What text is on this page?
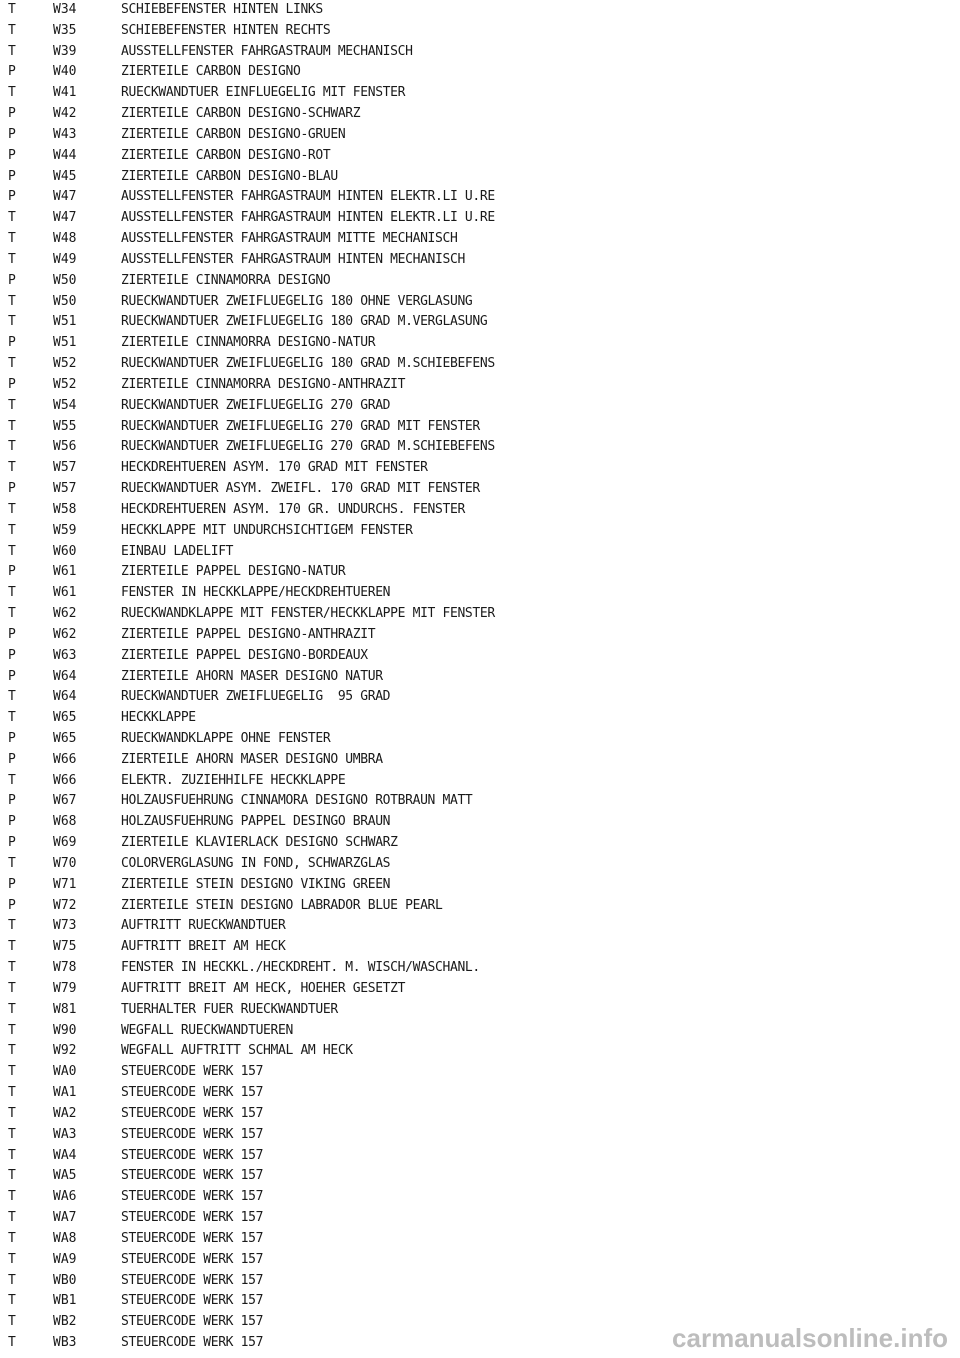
T	W34	SCHIEBEFENSTER HINTEN LINKS
T	W35	SCHIEBEFENSTER HINTEN RECHTS
T	W39	AUSSTELLFENSTER FAHRGASTRAUM MECHANISCH
P	W40	ZIERTEILE CARBON DESIGNO
T	W41	RUECKWANDTUER EINFLUEGELIG MIT FENSTER
P	W42	ZIERTEILE CARBON DESIGNO-SCHWARZ
P	W43	ZIERTEILE CARBON DESIGNO-GRUEN
P	W44	ZIERTEILE CARBON DESIGNO-ROT
P	W45	ZIERTEILE CARBON DESIGNO-BLAU
P	W47	AUSSTELLFENSTER FAHRGASTRAUM HINTEN ELEKTR.LI U.RE
T	W47	AUSSTELLFENSTER FAHRGASTRAUM HINTEN ELEKTR.LI U.RE
T	W48	AUSSTELLFENSTER FAHRGASTRAUM MITTE MECHANISCH
T	W49	AUSSTELLFENSTER FAHRGASTRAUM HINTEN MECHANISCH
P	W50	ZIERTEILE CINNAMORRA DESIGNO
T	W50	RUECKWANDTUER ZWEIFLUEGELIG 180 OHNE VERGLASUNG
T	W51	RUECKWANDTUER ZWEIFLUEGELIG 180 GRAD M.VERGLASUNG
P	W51	ZIERTEILE CINNAMORRA DESIGNO-NATUR
T	W52	RUECKWANDTUER ZWEIFLUEGELIG 180 GRAD M.SCHIEBEFENS
P	W52	ZIERTEILE CINNAMORRA DESIGNO-ANTHRAZIT
T	W54	RUECKWANDTUER ZWEIFLUEGELIG 270 GRAD
T	W55	RUECKWANDTUER ZWEIFLUEGELIG 270 GRAD MIT FENSTER
T	W56	RUECKWANDTUER ZWEIFLUEGELIG 270 GRAD M.SCHIEBEFENS
T	W57	HECKDREHTUEREN ASYM. 170 GRAD MIT FENSTER
P	W57	RUECKWANDTUER ASYM. ZWEIFL. 170 GRAD MIT FENSTER
T	W58	HECKDREHTUEREN ASYM. 170 GR. UNDURCHS. FENSTER
T	W59	HECKKLAPPE MIT UNDURCHSICHTIGEM FENSTER
T	W60	EINBAU LADELIFT
P	W61	ZIERTEILE PAPPEL DESIGNO-NATUR
T	W61	FENSTER IN HECKKLAPPE/HECKDREHTUEREN
T	W62	RUECKWANDKLAPPE MIT FENSTER/HECKKLAPPE MIT FENSTER
P	W62	ZIERTEILE PAPPEL DESIGNO-ANTHRAZIT
P	W63	ZIERTEILE PAPPEL DESIGNO-BORDEAUX
P	W64	ZIERTEILE AHORN MASER DESIGNO NATUR
T	W64	RUECKWANDTUER ZWEIFLUEGELIG  95 GRAD
T	W65	HECKKLAPPE
P	W65	RUECKWANDKLAPPE OHNE FENSTER
P	W66	ZIERTEILE AHORN MASER DESIGNO UMBRA
T	W66	ELEKTR. ZUZIEHHILFE HECKKLAPPE
P	W67	HOLZAUSFUEHRUNG CINNAMORA DESIGNO ROTBRAUN MATT
P	W68	HOLZAUSFUEHRUNG PAPPEL DESINGO BRAUN
P	W69	ZIERTEILE KLAVIERLACK DESIGNO SCHWARZ
T	W70	COLORVERGLASUNG IN FOND, SCHWARZGLAS
P	W71	ZIERTEILE STEIN DESIGNO VIKING GREEN
P	W72	ZIERTEILE STEIN DESIGNO LABRADOR BLUE PEARL
T	W73	AUFTRITT RUECKWANDTUER
T	W75	AUFTRITT BREIT AM HECK
T	W78	FENSTER IN HECKKL./HECKDREHT. M. WISCH/WASCHANL.
T	W79	AUFTRITT BREIT AM HECK, HOEHER GESETZT
T	W81	TUERHALTER FUER RUECKWANDTUER
T	W90	WEGFALL RUECKWANDTUEREN
T	W92	WEGFALL AUFTRITT SCHMAL AM HECK
T	WA0	STEUERCODE WERK 157
T	WA1	STEUERCODE WERK 157
T	WA2	STEUERCODE WERK 157
T	WA3	STEUERCODE WERK 157
T	WA4	STEUERCODE WERK 157
T	WA5	STEUERCODE WERK 157
T	WA6	STEUERCODE WERK 157
T	WA7	STEUERCODE WERK 157
T	WA8	STEUERCODE WERK 157
T	WA9	STEUERCODE WERK 157
T	WB0	STEUERCODE WERK 157
T	WB1	STEUERCODE WERK 157
T	WB2	STEUERCODE WERK 157
T	WB3	STEUERCODE WERK 157	carmanualsonline.info
